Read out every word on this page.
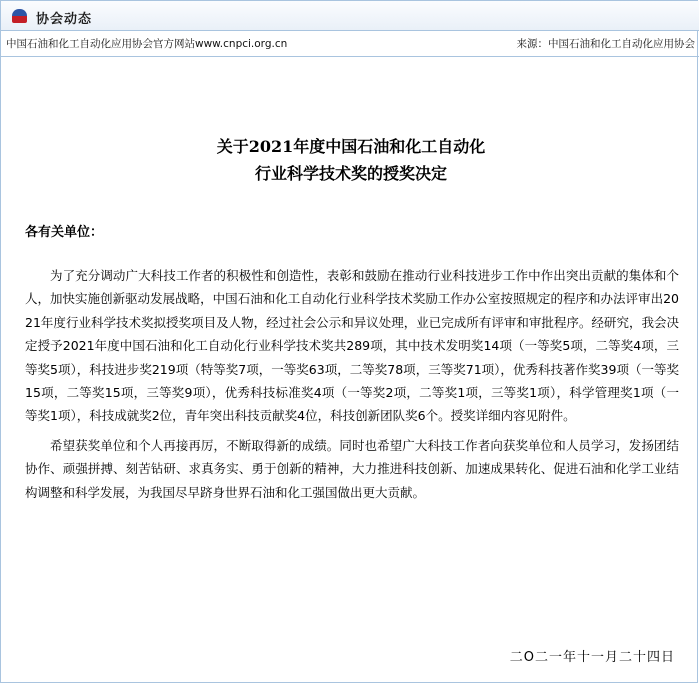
协会动态
中国石油和化工自动化应用协会官方网站www.cnpci.org.cn	来源：中国石油和化工自动化应用协会
关于2021年度中国石油和化工自动化
行业科学技术奖的授奖决定
各有关单位：

为了充分调动广大科技工作者的积极性和创造性，表彰和鼓励在推动行业科技进步工作中作出突出贡献的集体和个人，加快实施创新驱动发展战略，中国石油和化工自动化行业科学技术奖励工作办公室按照规定的程序和办法评审出2021年度行业科学技术奖拟授奖项目及人物，经过社会公示和异议处理，业已完成所有评审和审批程序。经研究，我会决定授予2021年度中国石油和化工自动化行业科学技术奖共289项，其中技术发明奖14项（一等奖5项，二等奖4项，三等奖5项），科技进步奖219项（特等奖7项，一等奖63项，二等奖78项，三等奖71项），优秀科技著作奖39项（一等奖15项，二等奖15项，三等奖9项），优秀科技标准奖4项（一等奖2项，二等奖1项，三等奖1项），科学管理奖1项（一等奖1项），科技成就奖2位，青年突出科技贡献奖4位，科技创新团队奖6个。授奖详细内容见附件。

希望获奖单位和个人再接再厉，不断取得新的成绩。同时也希望广大科技工作者向获奖单位和人员学习，发扬团结协作、顽强拼搏、刻苦钻研、求真务实、勇于创新的精神，大力推进科技创新、加速成果转化、促进石油和化学工业结构调整和科学发展，为我国尽早跻身世界石油和化工强国做出更大贡献。

二O二一年十一月二十四日
